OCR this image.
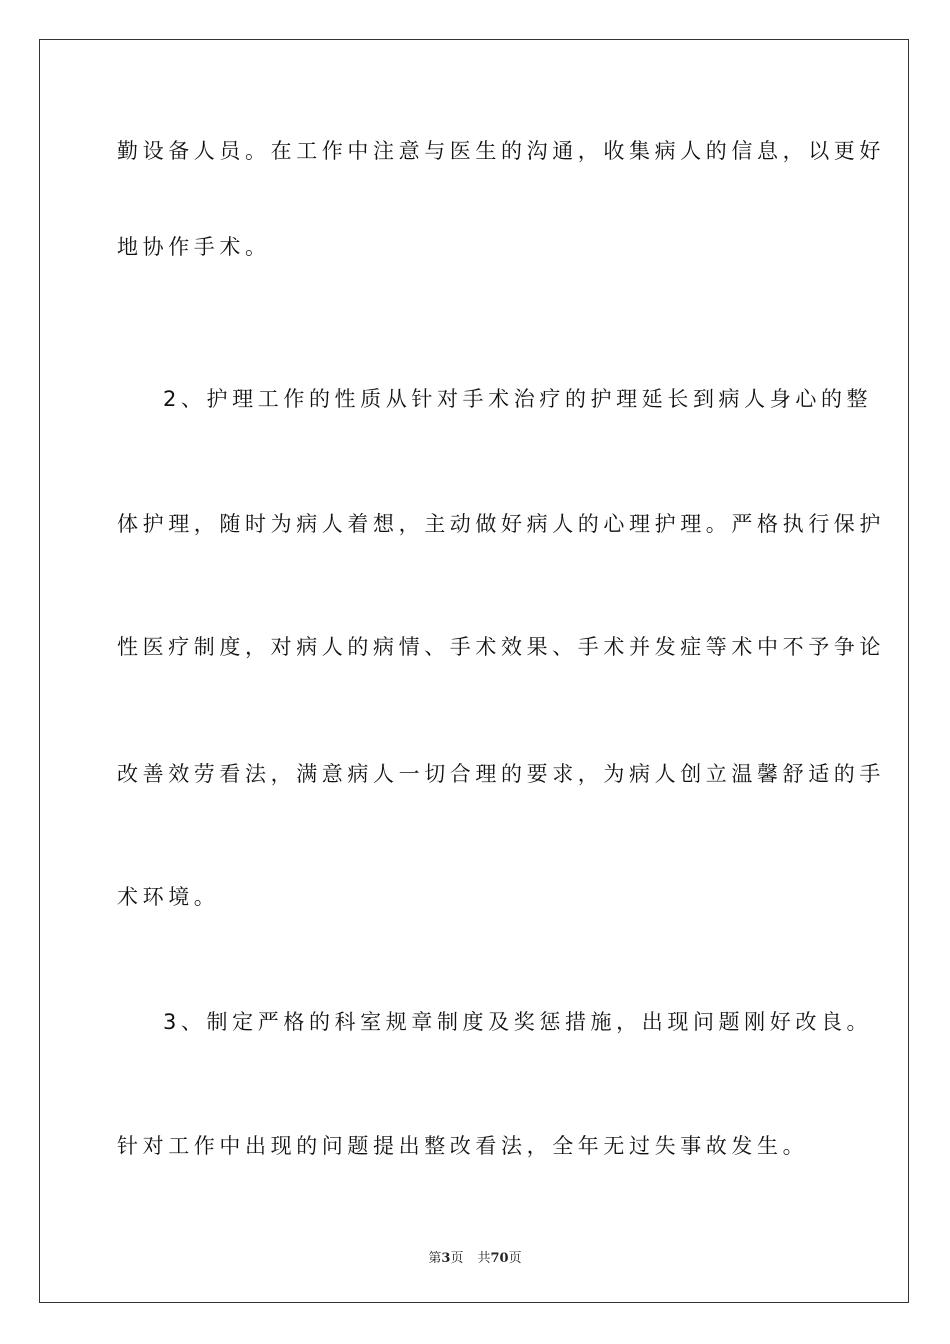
勤设备人员。在工作中注意与医生的沟通，收集病人的信息，以更好
地协作手术。
2、护理工作的性质从针对手术治疗的护理延长到病人身心的整
体护理，随时为病人着想，主动做好病人的心理护理。严格执行保护
性医疗制度，对病人的病情、手术效果、手术并发症等术中不予争论
改善效劳看法，满意病人一切合理的要求，为病人创立温馨舒适的手
术环境。
3、制定严格的科室规章制度及奖惩措施，出现问题刚好改良。
针对工作中出现的问题提出整改看法，全年无过失事故发生。
第3页 共70页
